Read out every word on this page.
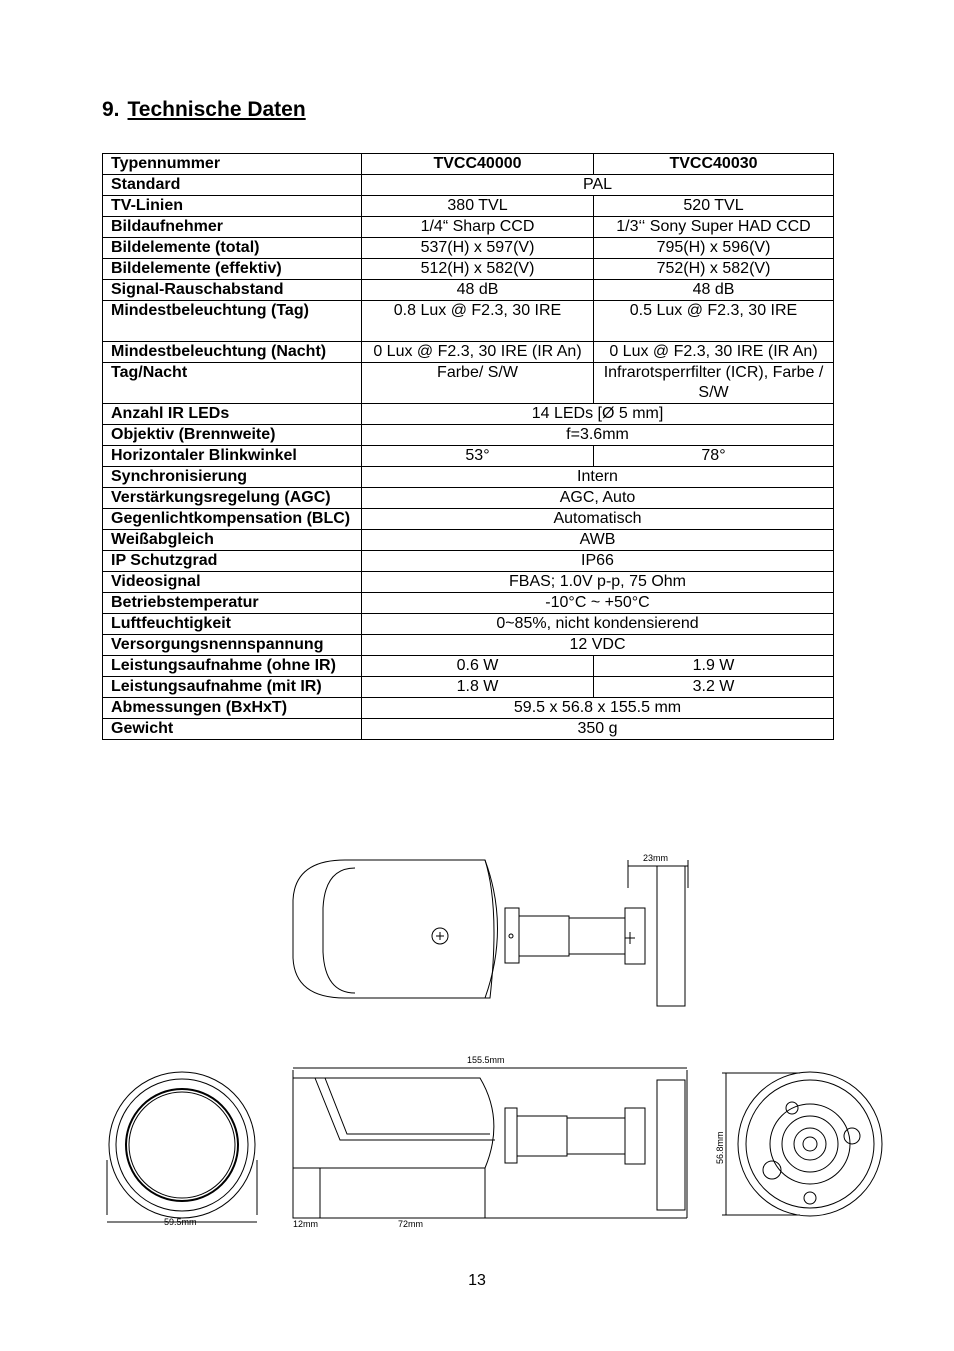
9. Technische Daten
Typennummer	TVCC40000	TVCC40030
Standard	PAL	
TV-Linien	380 TVL	520 TVL
Bildaufnehmer	1/4“ Sharp CCD	1/3‘‘ Sony Super HAD CCD
Bildelemente (total)	537(H) x 597(V)	795(H) x 596(V)
Bildelemente (effektiv)	512(H) x 582(V)	752(H) x 582(V)
Signal-Rauschabstand	48 dB	48 dB
Mindestbeleuchtung (Tag)	0.8 Lux @ F2.3, 30 IRE	0.5 Lux @ F2.3, 30 IRE
Mindestbeleuchtung (Nacht)	0 Lux @ F2.3, 30 IRE (IR An)	0 Lux @ F2.3, 30 IRE (IR An)
Tag/Nacht	Farbe/ S/W	Infrarotsperrfilter (ICR), Farbe / S/W
Anzahl IR LEDs	14 LEDs [Ø 5 mm]	
Objektiv (Brennweite)	f=3.6mm	
Horizontaler Blinkwinkel	53°	78°
Synchronisierung	Intern	
Verstärkungsregelung (AGC)	AGC, Auto	
Gegenlichtkompensation (BLC)	Automatisch	
Weißabgleich	AWB	
IP Schutzgrad	IP66	
Videosignal	FBAS; 1.0V p-p, 75 Ohm	
Betriebstemperatur	-10°C ~ +50°C	
Luftfeuchtigkeit	0~85%, nicht kondensierend	
Versorgungsnennspannung	12 VDC	
Leistungsaufnahme (ohne IR)	0.6 W	1.9 W
Leistungsaufnahme (mit IR)	1.8 W	3.2 W
Abmessungen (BxHxT)	59.5 x 56.8 x 155.5 mm	
Gewicht	350 g	
23mm
59.5mm
155.5mm
12mm	72mm
56.8mm
13
